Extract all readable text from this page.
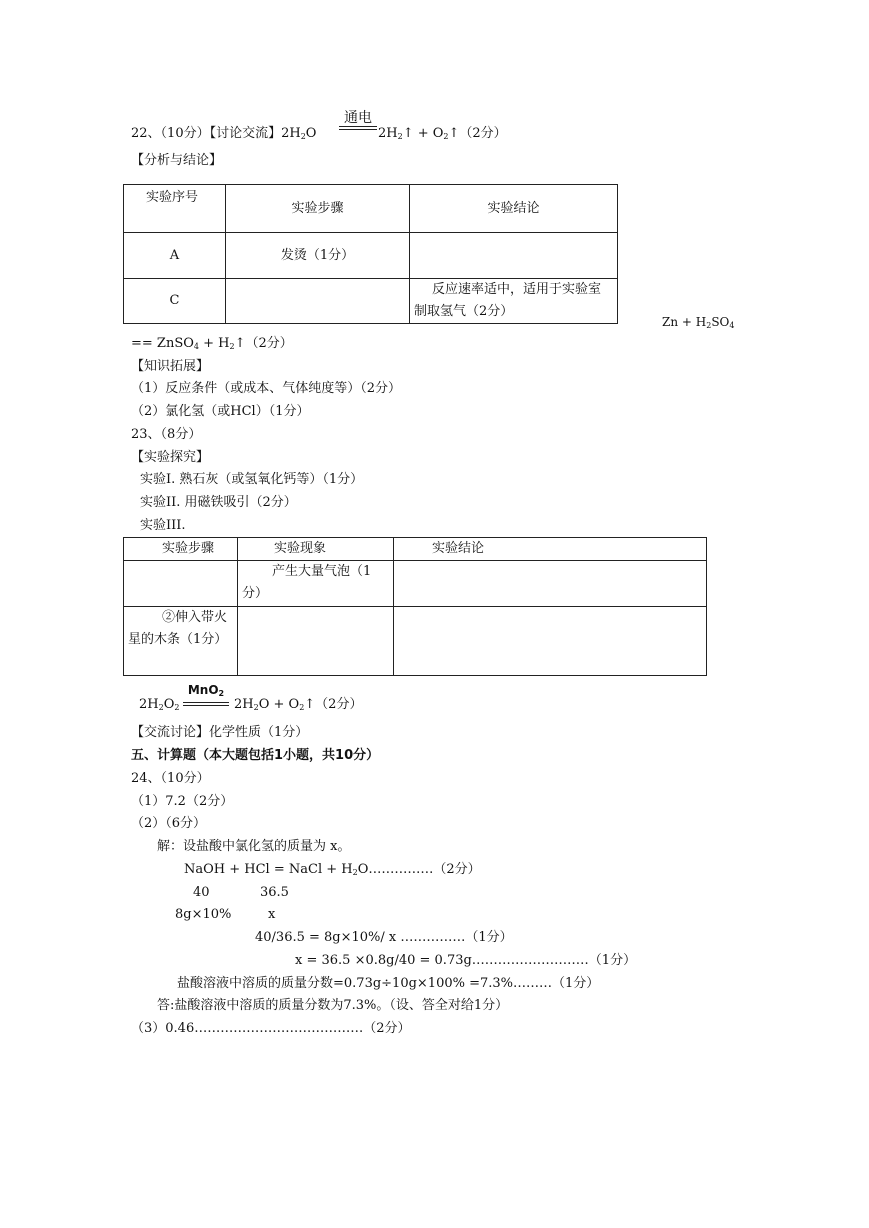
22、（10分）【讨论交流】$2H_2O$
通电
$2H_2↑$ + $O_2↑(2$分）
【分析与结论】
实验序号	实验步骤	实验结论
A	发烫（1分）	
C		反应速率适中，适用于实验室制取氢气（2分）
$Zn + H_2SO_4$
== ZnSO$_4$ + $H_2↑(2$分）
【知识拓展】
（1）反应条件（或成本、气体纯度等）（2分）
（2）氯化氢（或HCl）（1分）
23、（8分）
【实验探究】
实验I. 熟石灰（或氢氧化钙等）（1分）
实验II. 用磁铁吸引（2分）
实验III.
实验步骤	实验现象	实验结论
	产生大量气泡（1分）	
②伸入带火星的木条（1分）		
$2H_2O_2$
MnO$_2$
$2H_2O$ + $O_2↑(2$分）
【交流讨论】化学性质（1分）
五、计算题（本大题包括1小题，共10分）
24、（10分）
（1）7.2（2分）
（2）（6分）
解：设盐酸中氯化氢的质量为 x。
NaOH + HCl = NaCl + $H_2O\dots\dots\dots\dots\dots(2$分）
40	36.5
8g×10%	x
40/36.5 = 8g×10%/ x ……………（1分）
x = 36.5 ×0.8g/40 = 0.73g………………………（1分）
盐酸溶液中溶质的质量分数=0.73g÷10g×100% =7.3%………（1分）
答:盐酸溶液中溶质的质量分数为7.3%。（设、答全对给1分）
（3）0.46…………………………………（2分）
